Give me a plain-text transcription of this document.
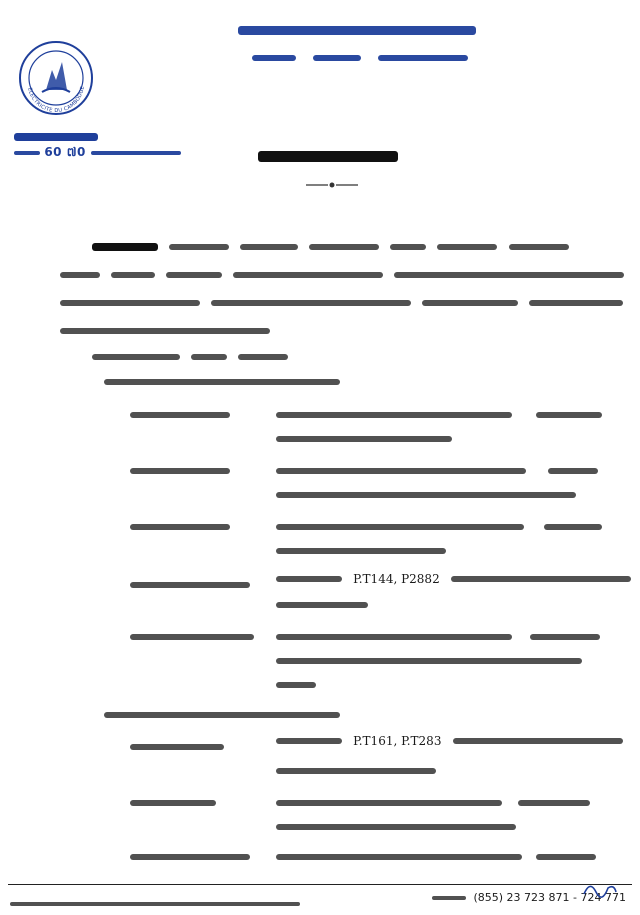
ELECTRICITE DU CAMBODGE
60 ៧0

P.T144, P2882
P.T161, P.T283
(855) 23 723 871 - 724 771
